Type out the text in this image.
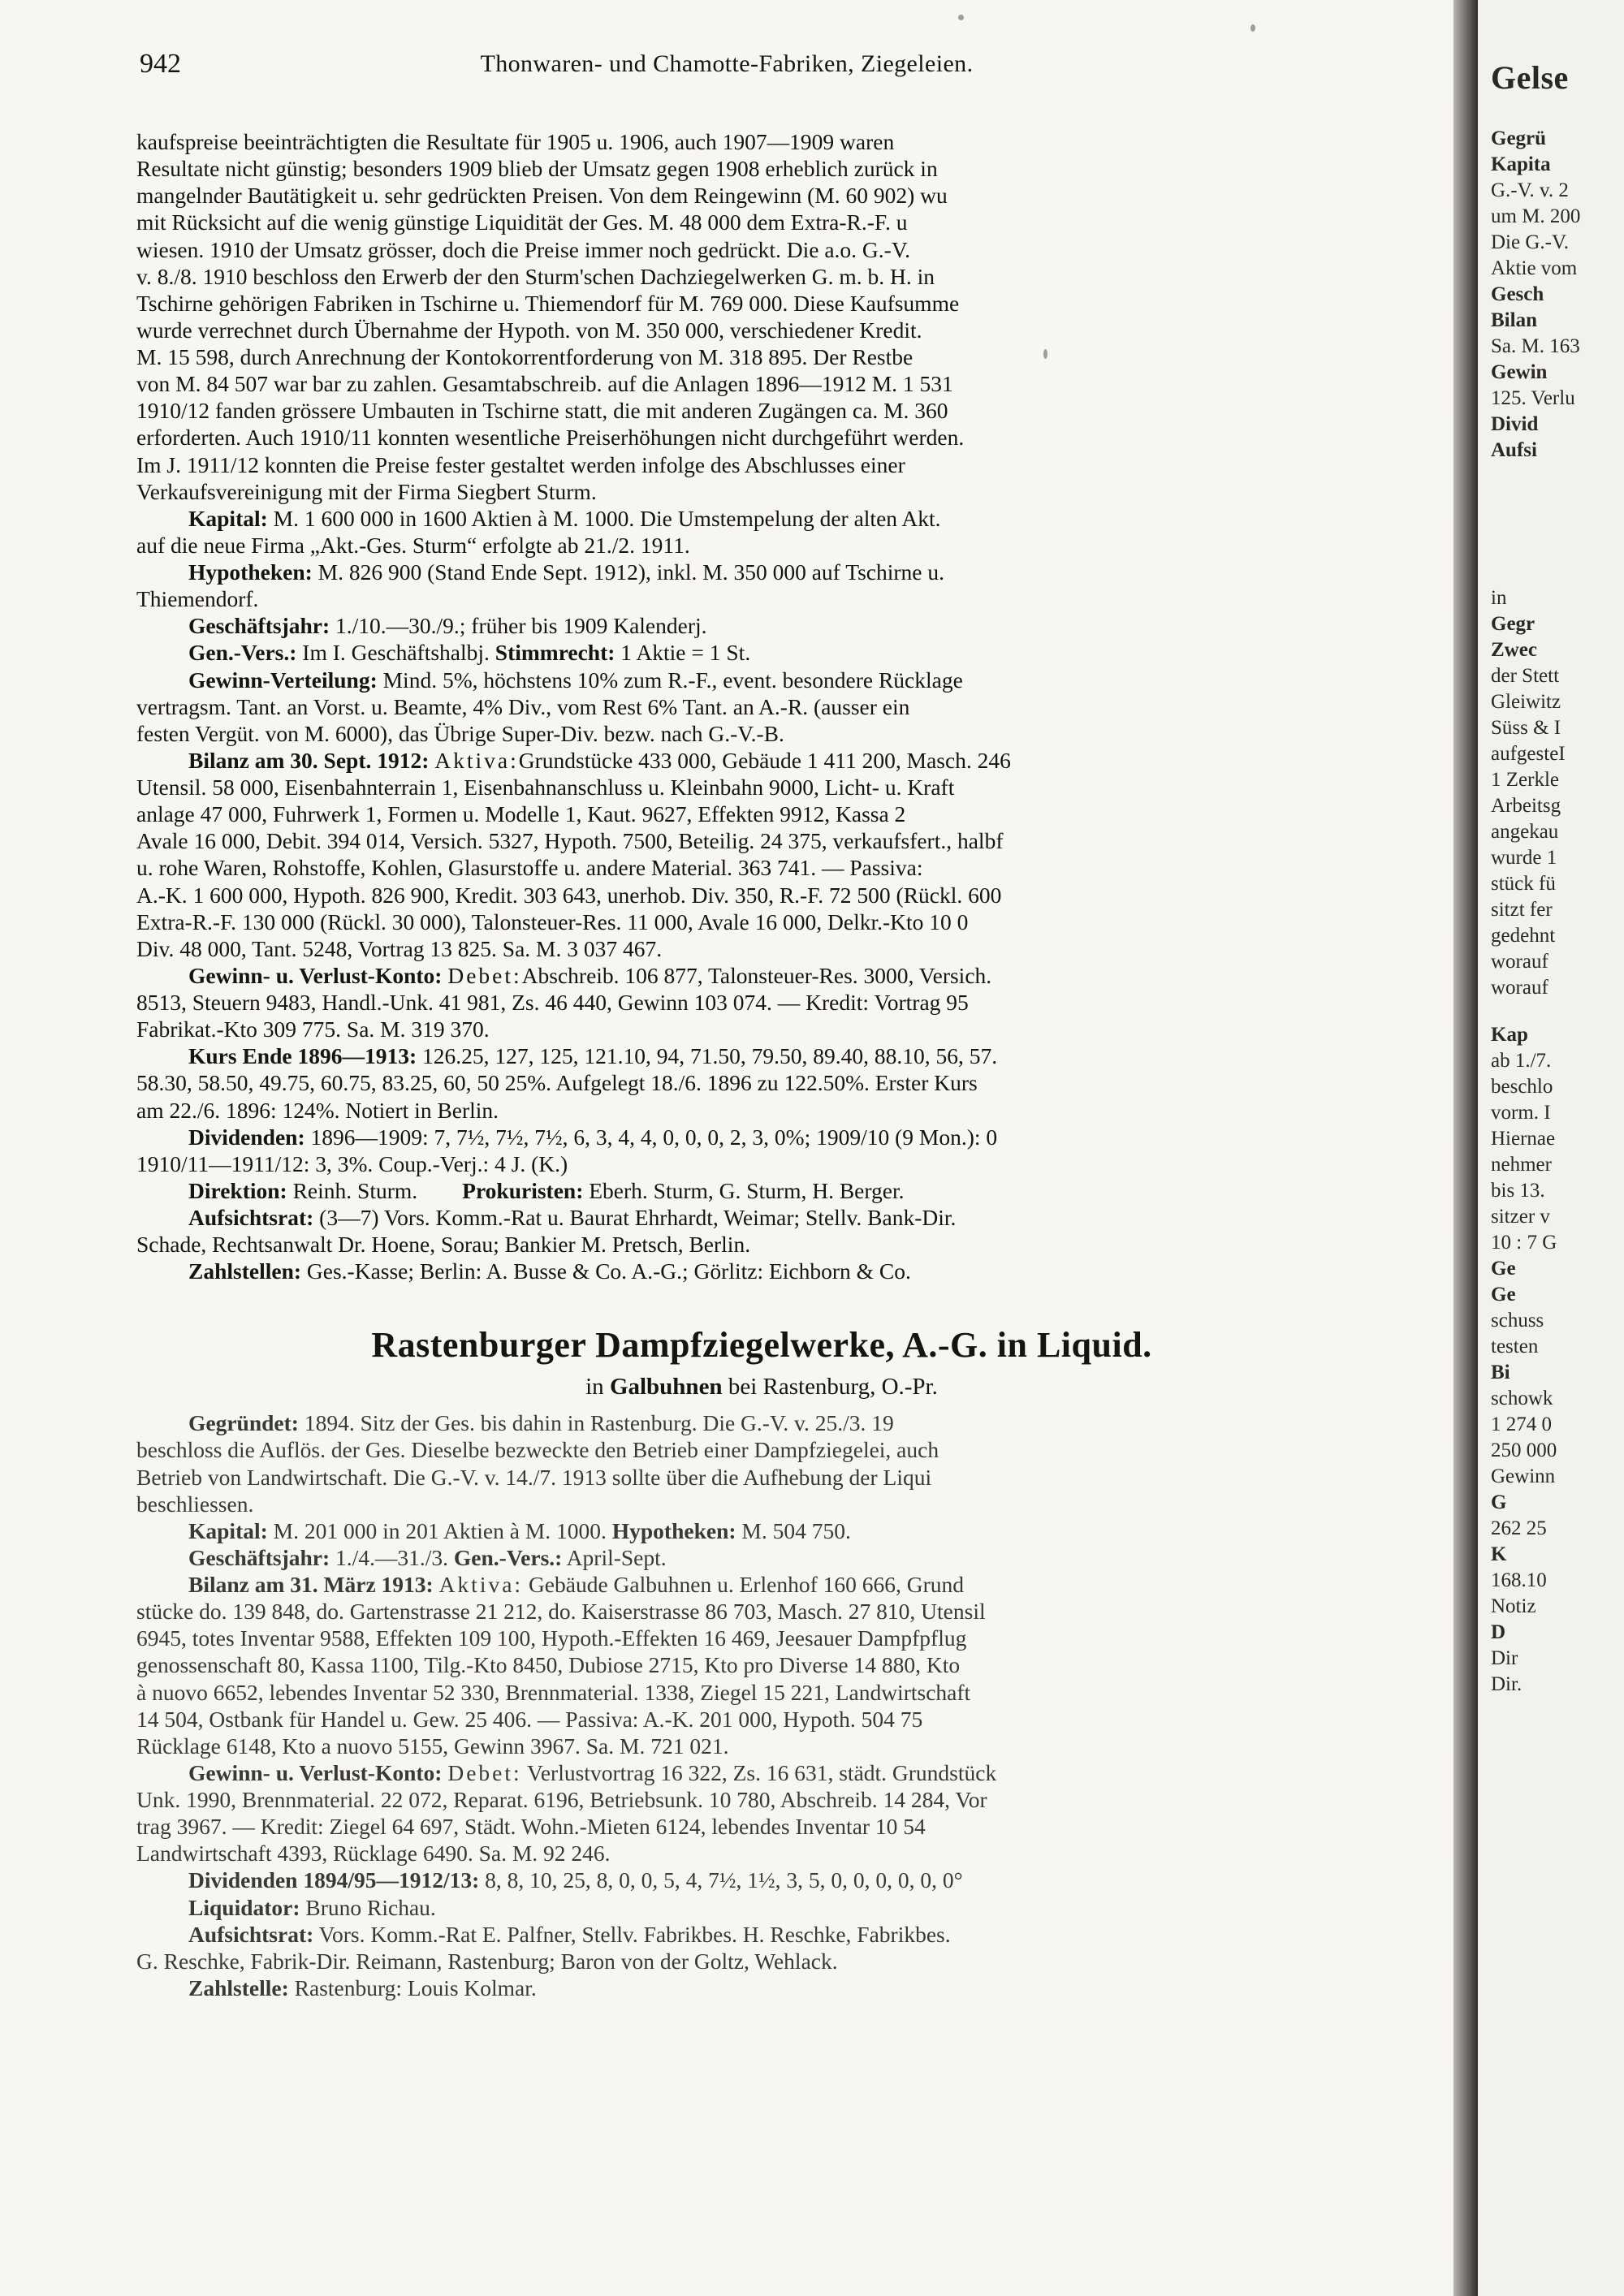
942	Thonwaren- und Chamotte-Fabriken, Ziegeleien.

kaufspreise beeinträchtigten die Resultate für 1905 u. 1906, auch 1907—1909 waren

Resultate nicht günstig; besonders 1909 blieb der Umsatz gegen 1908 erheblich zurück in

mangelnder Bautätigkeit u. sehr gedrückten Preisen. Von dem Reingewinn (M. 60 902) wu

mit Rücksicht auf die wenig günstige Liquidität der Ges. M. 48 000 dem Extra-R.-F. u

wiesen. 1910 der Umsatz grösser, doch die Preise immer noch gedrückt. Die a.o. G.-V.

v. 8./8. 1910 beschloss den Erwerb der den Sturm'schen Dachziegelwerken G. m. b. H. in

Tschirne gehörigen Fabriken in Tschirne u. Thiemendorf für M. 769 000. Diese Kaufsumme

wurde verrechnet durch Übernahme der Hypoth. von M. 350 000, verschiedener Kredit.

M. 15 598, durch Anrechnung der Kontokorrentforderung von M. 318 895. Der Restbe

von M. 84 507 war bar zu zahlen. Gesamtabschreib. auf die Anlagen 1896—1912 M. 1 531

1910/12 fanden grössere Umbauten in Tschirne statt, die mit anderen Zugängen ca. M. 360

erforderten. Auch 1910/11 konnten wesentliche Preiserhöhungen nicht durchgeführt werden.

Im J. 1911/12 konnten die Preise fester gestaltet werden infolge des Abschlusses einer

Verkaufsvereinigung mit der Firma Siegbert Sturm.

Kapital: M. 1 600 000 in 1600 Aktien à M. 1000. Die Umstempelung der alten Akt.

auf die neue Firma „Akt.-Ges. Sturm“ erfolgte ab 21./2. 1911.

Hypotheken: M. 826 900 (Stand Ende Sept. 1912), inkl. M. 350 000 auf Tschirne u.

Thiemendorf.

Geschäftsjahr: 1./10.—30./9.; früher bis 1909 Kalenderj.

Gen.-Vers.: Im I. Geschäftshalbj. Stimmrecht: 1 Aktie = 1 St.

Gewinn-Verteilung: Mind. 5%, höchstens 10% zum R.-F., event. besondere Rücklage

vertragsm. Tant. an Vorst. u. Beamte, 4% Div., vom Rest 6% Tant. an A.-R. (ausser ein

festen Vergüt. von M. 6000), das Übrige Super-Div. bezw. nach G.-V.-B.

Bilanz am 30. Sept. 1912: Aktiva:Grundstücke 433 000, Gebäude 1 411 200, Masch. 246

Utensil. 58 000, Eisenbahnterrain 1, Eisenbahnanschluss u. Kleinbahn 9000, Licht- u. Kraft

anlage 47 000, Fuhrwerk 1, Formen u. Modelle 1, Kaut. 9627, Effekten 9912, Kassa 2

Avale 16 000, Debit. 394 014, Versich. 5327, Hypoth. 7500, Beteilig. 24 375, verkaufsfert., halbf

u. rohe Waren, Rohstoffe, Kohlen, Glasurstoffe u. andere Material. 363 741. — Passiva:

A.-K. 1 600 000, Hypoth. 826 900, Kredit. 303 643, unerhob. Div. 350, R.-F. 72 500 (Rückl. 600

Extra-R.-F. 130 000 (Rückl. 30 000), Talonsteuer-Res. 11 000, Avale 16 000, Delkr.-Kto 10 0

Div. 48 000, Tant. 5248, Vortrag 13 825. Sa. M. 3 037 467.

Gewinn- u. Verlust-Konto: Debet:Abschreib. 106 877, Talonsteuer-Res. 3000, Versich.

8513, Steuern 9483, Handl.-Unk. 41 981, Zs. 46 440, Gewinn 103 074. — Kredit: Vortrag 95

Fabrikat.-Kto 309 775. Sa. M. 319 370.

Kurs Ende 1896—1913: 126.25, 127, 125, 121.10, 94, 71.50, 79.50, 89.40, 88.10, 56, 57.

58.30, 58.50, 49.75, 60.75, 83.25, 60, 50 25%. Aufgelegt 18./6. 1896 zu 122.50%. Erster Kurs

am 22./6. 1896: 124%. Notiert in Berlin.

Dividenden: 1896—1909: 7, 7½, 7½, 7½, 6, 3, 4, 4, 0, 0, 0, 2, 3, 0%; 1909/10 (9 Mon.): 0

1910/11—1911/12: 3, 3%. Coup.-Verj.: 4 J. (K.)

Direktion: Reinh. Sturm. Prokuristen: Eberh. Sturm, G. Sturm, H. Berger.

Aufsichtsrat: (3—7) Vors. Komm.-Rat u. Baurat Ehrhardt, Weimar; Stellv. Bank-Dir.

Schade, Rechtsanwalt Dr. Hoene, Sorau; Bankier M. Pretsch, Berlin.

Zahlstellen: Ges.-Kasse; Berlin: A. Busse & Co. A.-G.; Görlitz: Eichborn & Co.

Rastenburger Dampfziegelwerke, A.-G. in Liquid.

in Galbuhnen bei Rastenburg, O.-Pr.

Gegründet: 1894. Sitz der Ges. bis dahin in Rastenburg. Die G.-V. v. 25./3. 19

beschloss die Auflös. der Ges. Dieselbe bezweckte den Betrieb einer Dampfziegelei, auch

Betrieb von Landwirtschaft. Die G.-V. v. 14./7. 1913 sollte über die Aufhebung der Liqui

beschliessen.

Kapital: M. 201 000 in 201 Aktien à M. 1000. Hypotheken: M. 504 750.

Geschäftsjahr: 1./4.—31./3. Gen.-Vers.: April-Sept.

Bilanz am 31. März 1913: Aktiva: Gebäude Galbuhnen u. Erlenhof 160 666, Grund

stücke do. 139 848, do. Gartenstrasse 21 212, do. Kaiserstrasse 86 703, Masch. 27 810, Utensil

6945, totes Inventar 9588, Effekten 109 100, Hypoth.-Effekten 16 469, Jeesauer Dampfpflug

genossenschaft 80, Kassa 1100, Tilg.-Kto 8450, Dubiose 2715, Kto pro Diverse 14 880, Kto

à nuovo 6652, lebendes Inventar 52 330, Brennmaterial. 1338, Ziegel 15 221, Landwirtschaft

14 504, Ostbank für Handel u. Gew. 25 406. — Passiva: A.-K. 201 000, Hypoth. 504 75

Rücklage 6148, Kto a nuovo 5155, Gewinn 3967. Sa. M. 721 021.

Gewinn- u. Verlust-Konto: Debet: Verlustvortrag 16 322, Zs. 16 631, städt. Grundstück

Unk. 1990, Brennmaterial. 22 072, Reparat. 6196, Betriebsunk. 10 780, Abschreib. 14 284, Vor

trag 3967. — Kredit: Ziegel 64 697, Städt. Wohn.-Mieten 6124, lebendes Inventar 10 54

Landwirtschaft 4393, Rücklage 6490. Sa. M. 92 246.

Dividenden 1894/95—1912/13: 8, 8, 10, 25, 8, 0, 0, 5, 4, 7½, 1½, 3, 5, 0, 0, 0, 0, 0, 0°

Liquidator: Bruno Richau.

Aufsichtsrat: Vors. Komm.-Rat E. Palfner, Stellv. Fabrikbes. H. Reschke, Fabrikbes.

G. Reschke, Fabrik-Dir. Reimann, Rastenburg; Baron von der Goltz, Wehlack.

Zahlstelle: Rastenburg: Louis Kolmar.

Gelse

Gegrü

Kapita

G.-V. v. 2

um M. 200

Die G.-V.

Aktie vom

Gesch

Bilan

Sa. M. 163

Gewin

125. Verlu

Divid

Aufsi

in

Gegr

Zwec

der Stett

Gleiwitz

Süss & I

aufgesteI

1 Zerkle

Arbeitsg

angekau

wurde 1

stück fü

sitzt fer

gedehnt

worauf

worauf

Kap

ab 1./7.

beschlo

vorm. I

Hiernae

nehmer

bis 13.

sitzer v

10 : 7 G

Ge

Ge

schuss

testen

Bi

schowk

1 274 0

250 000

Gewinn

G

262 25

K

168.10

Notiz

D

Dir

Dir.
